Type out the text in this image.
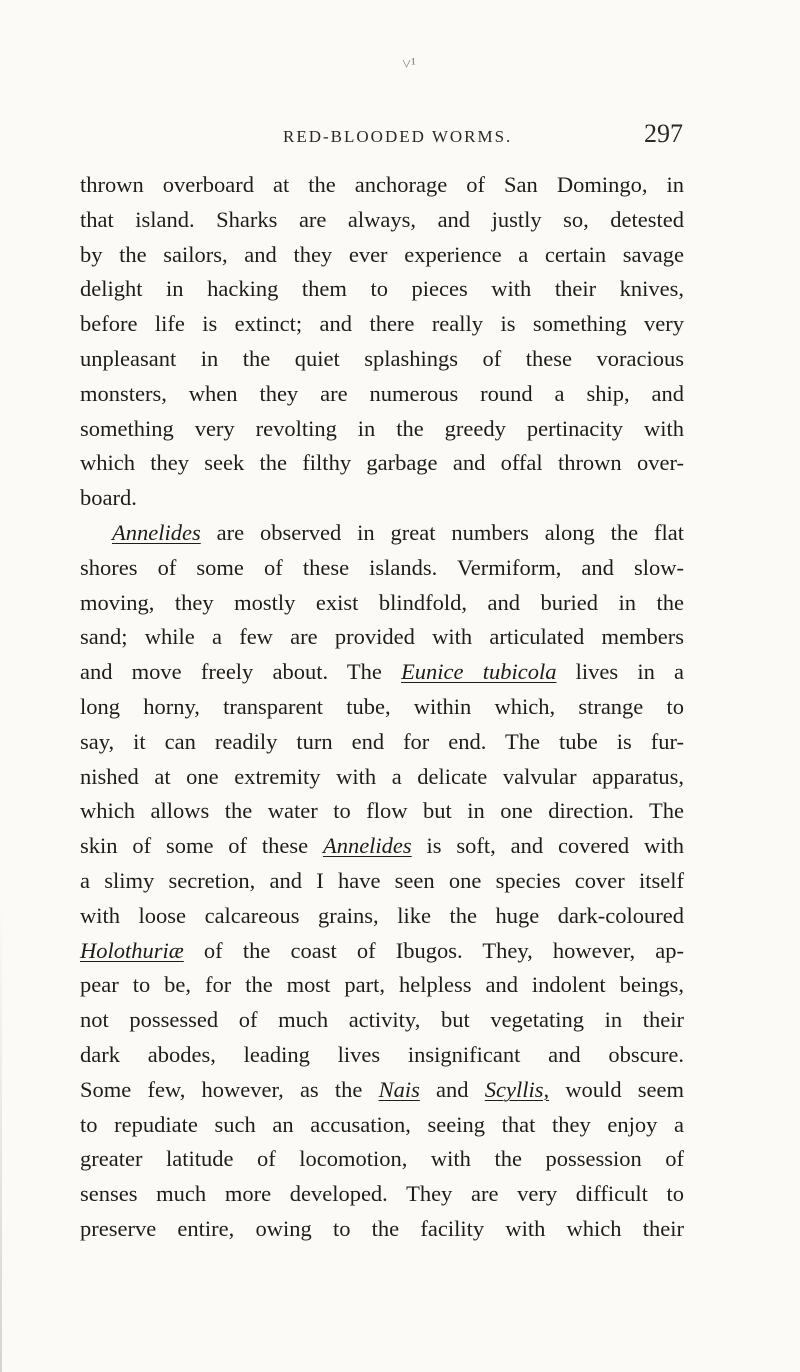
˅¹
RED-BLOODED WORMS.	297
thrown overboard at the anchorage of San Domingo, in
that island. Sharks are always, and justly so, detested
by the sailors, and they ever experience a certain savage
delight in hacking them to pieces with their knives,
before life is extinct; and there really is something very
unpleasant in the quiet splashings of these voracious
monsters, when they are numerous round a ship, and
something very revolting in the greedy pertinacity with
which they seek the filthy garbage and offal thrown over-
board.
Annelides are observed in great numbers along the flat
shores of some of these islands. Vermiform, and slow-
moving, they mostly exist blindfold, and buried in the
sand; while a few are provided with articulated members
and move freely about. The Eunice tubicola lives in a
long horny, transparent tube, within which, strange to
say, it can readily turn end for end. The tube is fur-
nished at one extremity with a delicate valvular apparatus,
which allows the water to flow but in one direction. The
skin of some of these Annelides is soft, and covered with
a slimy secretion, and I have seen one species cover itself
with loose calcareous grains, like the huge dark-coloured
Holothuriæ of the coast of Ibugos. They, however, ap-
pear to be, for the most part, helpless and indolent beings,
not possessed of much activity, but vegetating in their
dark abodes, leading lives insignificant and obscure.
Some few, however, as the Nais and Scyllis, would seem
to repudiate such an accusation, seeing that they enjoy a
greater latitude of locomotion, with the possession of
senses much more developed. They are very difficult to
preserve entire, owing to the facility with which their
